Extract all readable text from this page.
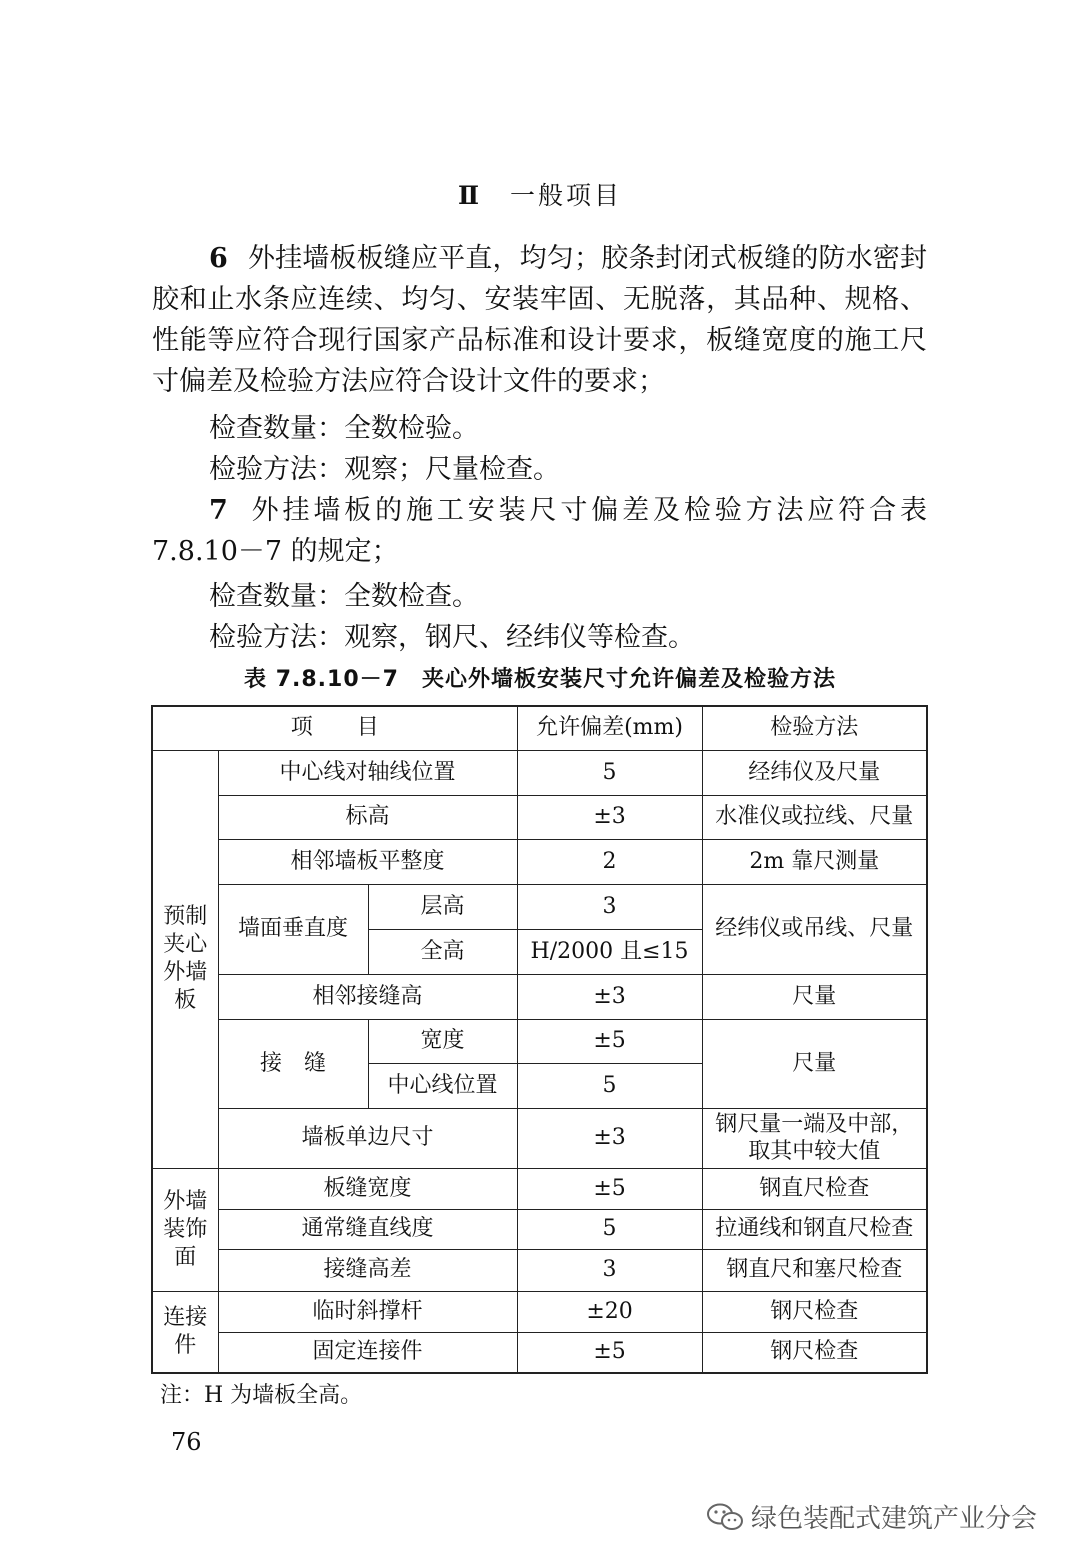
Ⅱ 一般项目
6 外挂墙板板缝应平直，均匀；胶条封闭式板缝的防水密封胶和止水条应连续、均匀、安装牢固、无脱落，其品种、规格、性能等应符合现行国家产品标准和设计要求，板缝宽度的施工尺寸偏差及检验方法应符合设计文件的要求；
检查数量：全数检验。
检验方法：观察；尺量检查。
7 外挂墙板的施工安装尺寸偏差及检验方法应符合表7.8.10－7 的规定；
检查数量：全数检查。
检验方法：观察，钢尺、经纬仪等检查。
表 7.8.10－7　夹心外墙板安装尺寸允许偏差及检验方法
项　　目			允许偏差(mm)	检验方法

预制夹心外墙板	中心线对轴线位置		5	经纬仪及尺量
	标高		±3	水准仪或拉线、尺量
	相邻墙板平整度		2	2m 靠尺测量
	墙面垂直度	层高	3	经纬仪或吊线、尺量
		全高	H/2000 且≤15	
	相邻接缝高		±3	尺量
	接　缝	宽度	±5	尺量
		中心线位置	5	
	墙板单边尺寸		±3	钢尺量一端及中部，取其中较大值

外墙装饰面	板缝宽度		±5	钢直尺检查
	通常缝直线度		5	拉通线和钢直尺检查
	接缝高差		3	钢直尺和塞尺检查

连接件	临时斜撑杆		±20	钢尺检查
	固定连接件		±5	钢尺检查
注：H 为墙板全高。
76
绿色装配式建筑产业分会
